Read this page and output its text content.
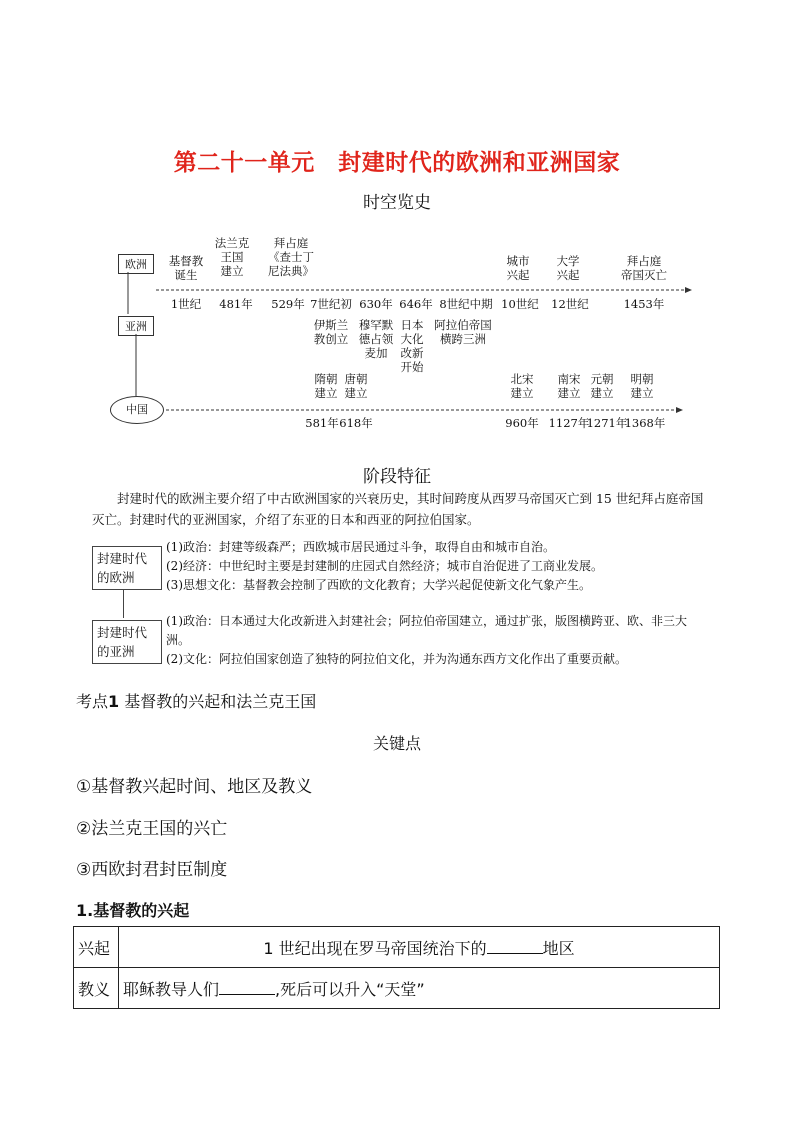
第二十一单元　封建时代的欧洲和亚洲国家
时空览史
欧洲
亚洲
中国
基督教
诞生
法兰克
王国
建立
拜占庭
《查士丁
尼法典》
城市
兴起
大学
兴起
拜占庭
帝国灭亡
1世纪	481年	529年 7世纪初 630年 646年 8世纪中期 10世纪	12世纪	1453年
伊斯兰
教创立
穆罕默
德占领
麦加
日本
大化
改新
开始
阿拉伯帝国
横跨三洲
隋朝
建立
唐朝
建立
北宋
建立
南宋
建立
元朝
建立
明朝
建立
581年 618年	960年 1127年
1271年
1368年
阶段特征
封建时代的欧洲主要介绍了中古欧洲国家的兴衰历史，其时间跨度从西罗马帝国灭亡到 15 世纪拜占庭帝国灭亡。封建时代的亚洲国家，介绍了东亚的日本和西亚的阿拉伯国家。
封建时代的欧洲
封建时代的亚洲
(1)政治：封建等级森严；西欧城市居民通过斗争，取得自由和城市自治。
(2)经济：中世纪时主要是封建制的庄园式自然经济；城市自治促进了工商业发展。
(3)思想文化：基督教会控制了西欧的文化教育；大学兴起促使新文化气象产生。
(1)政治：日本通过大化改新进入封建社会；阿拉伯帝国建立，通过扩张，版图横跨亚、欧、非三大洲。
(2)文化：阿拉伯国家创造了独特的阿拉伯文化，并为沟通东西方文化作出了重要贡献。
考点1 基督教的兴起和法兰克王国
关键点
①基督教兴起时间、地区及教义
②法兰克王国的兴亡
③西欧封君封臣制度
1.基督教的兴起
兴起	1 世纪出现在罗马帝国统治下的 地区
教义	耶稣教导人们 ,死后可以升入“天堂”
